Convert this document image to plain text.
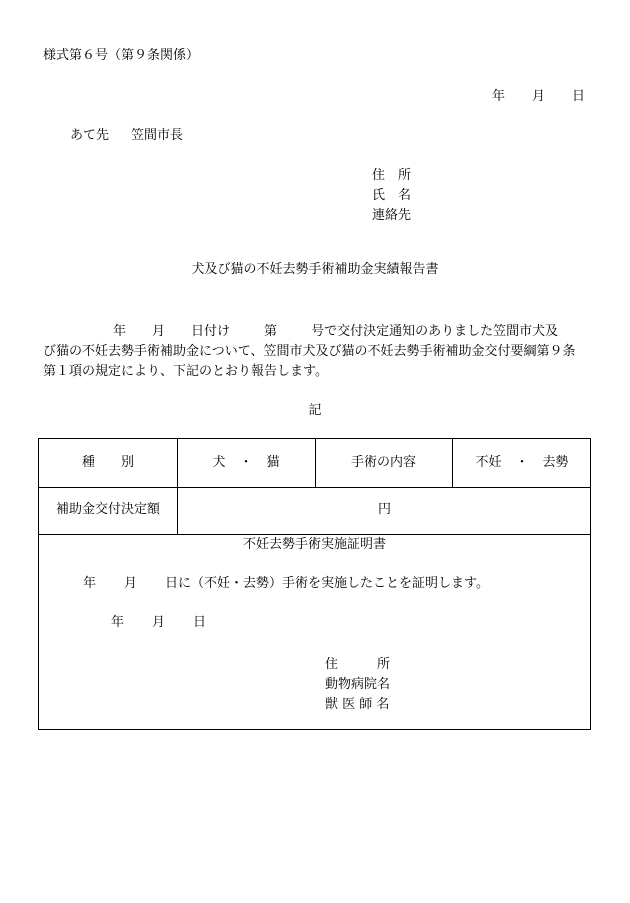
様式第６号（第９条関係）
年 月 日
あて先 笠間市長
住　所
氏　名
連絡先
犬及び猫の不妊去勢手術補助金実績報告書

年 月 日付け	第	号で交付決定通知のありました笠間市犬及

び猫の不妊去勢手術補助金について、笠間市犬及び猫の不妊去勢手術補助金交付要綱第９条

第１項の規定により、下記のとおり報告します。

記
種　　別	犬 ・ 猫	手術の内容	不妊 ・ 去勢
補助金交付決定額	円
不妊去勢手術実施証明書
年 月 日に（不妊・去勢）手術を実施したことを証明します。
年 月 日
住　　　所
動物病院名
獣 医 師 名
